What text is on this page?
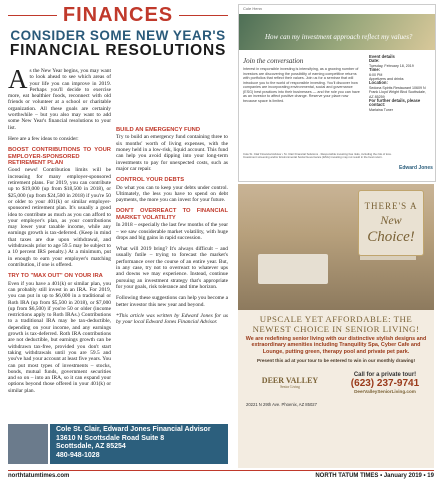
FINANCES
CONSIDER SOME NEW YEAR'S
FINANCIAL RESOLUTIONS

As the New Year begins, you may want to look ahead to see which areas of your life you can improve in 2019. Perhaps you'll decide to exercise more, eat healthier foods, reconnect with old friends or volunteer at a school or charitable organization. All these goals are certainly worthwhile – but you also may want to add some New Year's financial resolutions to your list.

Here are a few ideas to consider:

BOOST CONTRIBUTIONS TO YOUR EMPLOYER-SPONSORED RETIREMENT PLAN

Good news! Contribution limits will be increasing for many employer-sponsored retirement plans. For 2019, you can contribute up to $19,000 (up from $18,500 in 2018), or $25,000 (up from $24,500 in 2018) if you're 50 or older to your 401(k) or similar employer-sponsored retirement plan. It's usually a good idea to contribute as much as you can afford to your employer's plan, as your contributions may lower your taxable income, while any earnings growth is tax-deferred. (Keep in mind that taxes are due upon withdrawal, and withdrawals prior to age 59.5 may be subject to a 10 percent IRS penalty.) At a minimum, put in enough to earn your employer's matching contribution, if one is offered.

TRY TO "MAX OUT" ON YOUR IRA

Even if you have a 401(k) or similar plan, you can probably still invest in an IRA. For 2019, you can put in up to $6,000 in a traditional or Roth IRA (up from $5,500 in 2018), or $7,000 (up from $6,500) if you're 50 or older (income restrictions apply to Roth IRAs.) Contributions to a traditional IRA may be tax-deductible, depending on your income, and any earnings growth is tax-deferred. Roth IRA contributions are not deductible, but earnings growth can be withdrawn tax-free, provided you don't start taking withdrawals until you are 59.5 and you've had your account at least five years. You can put most types of investments – stocks, bonds, mutual funds, government securities and so on – into an IRA, so it can expand your options beyond those offered in your 401(k) or similar plan.

BUILD AN EMERGENCY FUND

Try to build an emergency fund containing three to six months' worth of living expenses, with the money held in a low-risk, liquid account. This fund can help you avoid dipping into your long-term investments to pay for unexpected costs, such as major car repair.

CONTROL YOUR DEBTS

Do what you can to keep your debts under control. Ultimately, the less you have to spend on debt payments, the more you can invest for your future.

DON'T OVERREACT TO FINANCIAL MARKET VOLATILITY

In 2018 – especially the last few months of the year – we saw considerable market volatility, with huge drops and big gains in rapid succession.

What will 2019 bring? It's always difficult – and usually futile – trying to forecast the market's performance over the course of an entire year. But, in any case, try not to overreact to whatever ups and downs we may experience. Instead, continue pursuing an investment strategy that's appropriate for your goals, risk tolerance and time horizon.

Following these suggestions can help you become a better investor this new year and beyond.

*This article was written by Edward Jones for us by your local Edward Jones Financial Advisor.

Cole St. Clair, Edward Jones Financial Advisor
13610 N Scottsdale Road Suite 8
Scottsdale, AZ 85254
480-948-1028
Cole Henn
How can my investment approach reflect my values?
Join the conversation
Interest in responsible investing is intensifying, as a growing number of investors are discovering the possibility of earning competitive returns with portfolios that reflect their values. Join us for a seminar that will introduce you to the world of responsible investing. You'll discover how companies are incorporating environmental, social and governance (ESG) best practices into their businesses — and the role you can have as an investor to affect positive change. Reserve your place now because space is limited.
Event details
Date:
Tuesday, February 18, 2019
Time:
6:00 PM
Appetizers and drinks
Location:
Sedona Spirits Restaurant 10609 N Frank Lloyd Wright Blvd Scottsdale, AZ 85259
For further details, please contact:
Marlaina Tuner
Cole St. Clair Financial Advisor • St. Clair Financial Solutions · Responsible investing has risks, including the risk of loss. Investment screening and/or Environmental Social Governance (ESG) investing may not result in the best return.
Edward Jones
THERE'S A
New
Choice!
UPSCALE YET AFFORDABLE: THE NEWEST CHOICE IN SENIOR LIVING!
We are redefining senior living with our distinctive stylish designs and extraordinary amenities including Tranquility Spa, Cyber Cafe and Lounge, putting green, therapy pool and private pet park.
Present this ad at your tour to be entered to win in our monthly drawing!
DEER VALLEY
Senior Living
20221 N 29th Ave. Phoenix, AZ 85027
Call for a private tour!
(623) 237-9741
DeerValleySeniorLiving.com
northtatumtimes.com	NORTH TATUM TIMES • January 2019 • 19
